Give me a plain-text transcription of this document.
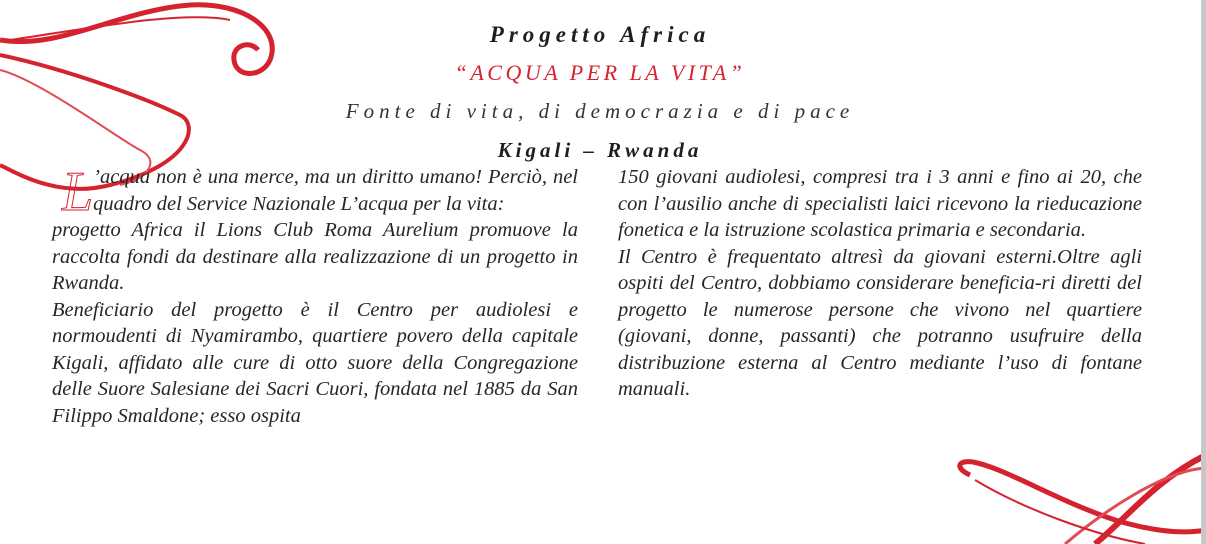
Progetto Africa
“ACQUA PER LA VITA”
Fonte di vita, di democrazia e di pace
Kigali – Rwanda

L ’acqua non è una merce, ma un diritto umano! Perciò, nel quadro del Service Nazionale L’acqua per la vita:

progetto Africa il Lions Club Roma Aurelium promuove la raccolta fondi da destinare alla realizzazione di un progetto in Rwanda.

Beneficiario del progetto è il Centro per audiolesi e normoudenti di Nyamirambo, quartiere povero della capitale Kigali, affidato alle cure di otto suore della Congregazione delle Suore Salesiane dei Sacri Cuori, fondata nel 1885 da San Filippo Smaldone; esso ospita

150 giovani audiolesi, compresi tra i 3 anni e fino ai 20, che con l’ausilio anche di specialisti laici ricevono la rieducazione fonetica e la istruzione scolastica primaria e secondaria.

Il Centro è frequentato altresì da giovani esterni.Oltre agli ospiti del Centro, dobbiamo considerare beneficia-ri diretti del progetto le numerose persone che vivono nel quartiere (giovani, donne, passanti) che potranno usufruire della distribuzione esterna al Centro mediante l’uso di fontane manuali.
